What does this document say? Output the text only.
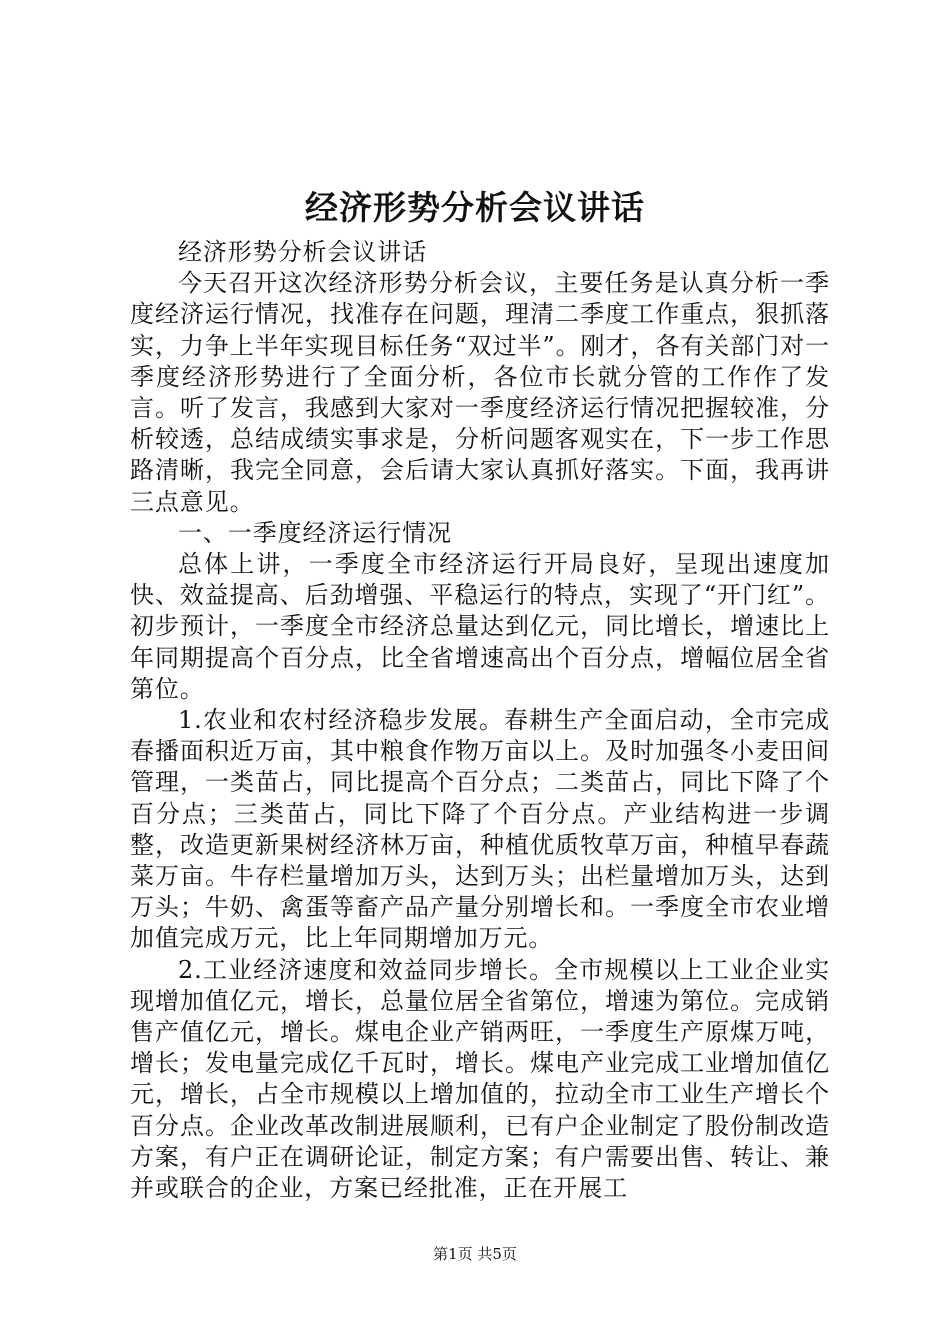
经济形势分析会议讲话

经济形势分析会议讲话

今天召开这次经济形势分析会议，主要任务是认真分析一季度经济运行情况，找准存在问题，理清二季度工作重点，狠抓落实，力争上半年实现目标任务“双过半”。刚才，各有关部门对一季度经济形势进行了全面分析，各位市长就分管的工作作了发言。听了发言，我感到大家对一季度经济运行情况把握较准，分析较透，总结成绩实事求是，分析问题客观实在，下一步工作思路清晰，我完全同意，会后请大家认真抓好落实。下面，我再讲三点意见。

一、一季度经济运行情况

总体上讲，一季度全市经济运行开局良好，呈现出速度加快、效益提高、后劲增强、平稳运行的特点，实现了“开门红”。初步预计，一季度全市经济总量达到亿元，同比增长，增速比上年同期提高个百分点，比全省增速高出个百分点，增幅位居全省第位。

1.农业和农村经济稳步发展。春耕生产全面启动，全市完成春播面积近万亩，其中粮食作物万亩以上。及时加强冬小麦田间管理，一类苗占，同比提高个百分点；二类苗占，同比下降了个百分点；三类苗占，同比下降了个百分点。产业结构进一步调整，改造更新果树经济林万亩，种植优质牧草万亩，种植早春蔬菜万亩。牛存栏量增加万头，达到万头；出栏量增加万头，达到万头；牛奶、禽蛋等畜产品产量分别增长和。一季度全市农业增加值完成万元，比上年同期增加万元。

2.工业经济速度和效益同步增长。全市规模以上工业企业实现增加值亿元，增长，总量位居全省第位，增速为第位。完成销售产值亿元，增长。煤电企业产销两旺，一季度生产原煤万吨，增长；发电量完成亿千瓦时，增长。煤电产业完成工业增加值亿元，增长，占全市规模以上增加值的，拉动全市工业生产增长个百分点。企业改革改制进展顺利，已有户企业制定了股份制改造方案，有户正在调研论证，制定方案；有户需要出售、转让、兼并或联合的企业，方案已经批准，正在开展工

第1页 共5页
